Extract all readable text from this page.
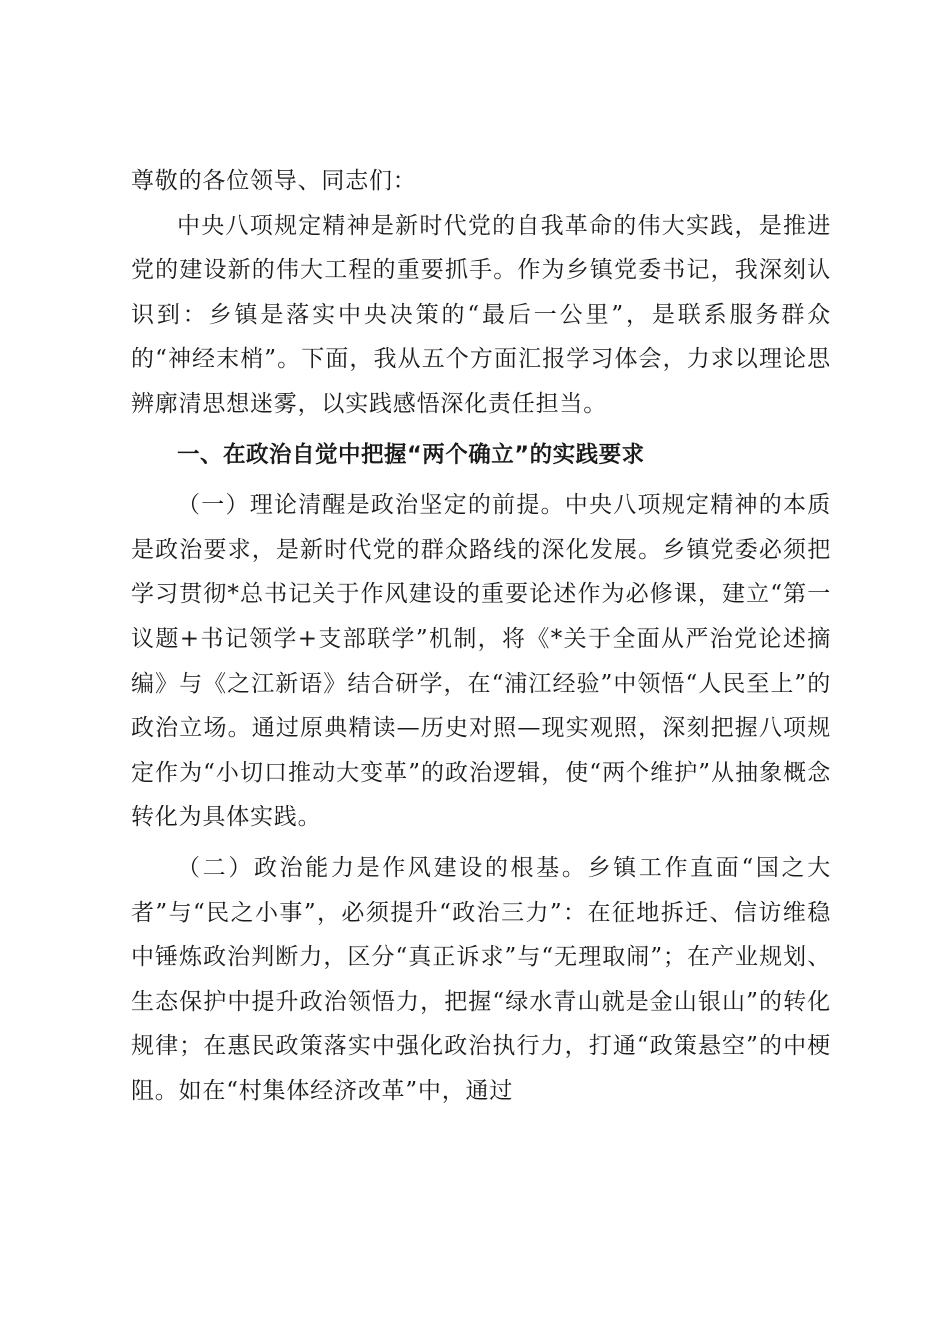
尊敬的各位领导、同志们：

中央八项规定精神是新时代党的自我革命的伟大实践，是推进党的建设新的伟大工程的重要抓手。作为乡镇党委书记，我深刻认识到：乡镇是落实中央决策的“最后一公里”，是联系服务群众的“神经末梢”。下面，我从五个方面汇报学习体会，力求以理论思辨廓清思想迷雾，以实践感悟深化责任担当。

一、在政治自觉中把握“两个确立”的实践要求

（一）理论清醒是政治坚定的前提。中央八项规定精神的本质是政治要求，是新时代党的群众路线的深化发展。乡镇党委必须把学习贯彻*总书记关于作风建设的重要论述作为必修课，建立“第一议题+书记领学+支部联学”机制，将《*关于全面从严治党论述摘编》与《之江新语》结合研学，在“浦江经验”中领悟“人民至上”的政治立场。通过原典精读—历史对照—现实观照，深刻把握八项规定作为“小切口推动大变革”的政治逻辑，使“两个维护”从抽象概念转化为具体实践。

（二）政治能力是作风建设的根基。乡镇工作直面“国之大者”与“民之小事”，必须提升“政治三力”：在征地拆迁、信访维稳中锤炼政治判断力，区分“真正诉求”与“无理取闹”；在产业规划、生态保护中提升政治领悟力，把握“绿水青山就是金山银山”的转化规律；在惠民政策落实中强化政治执行力，打通“政策悬空”的中梗阻。如在“村集体经济改革”中，通过
